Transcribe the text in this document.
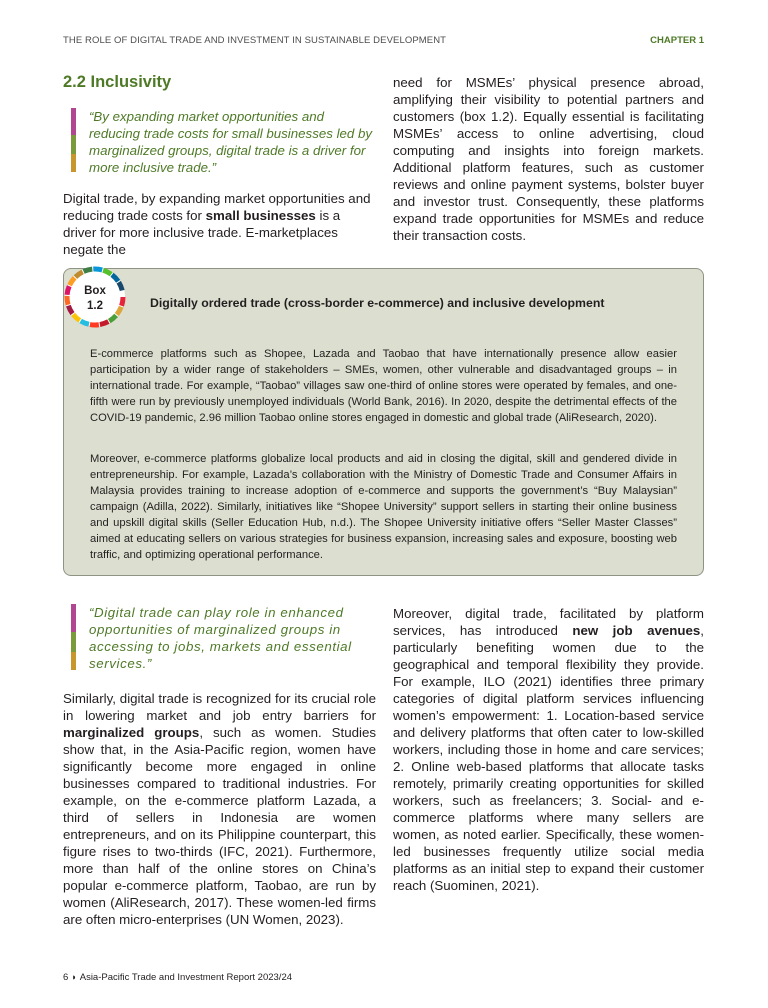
THE ROLE OF DIGITAL TRADE AND INVESTMENT IN SUSTAINABLE DEVELOPMENT	CHAPTER 1
2.2 Inclusivity

“By expanding market opportunities and reducing trade costs for small businesses led by marginalized groups, digital trade is a driver for more inclusive trade.”

Digital trade, by expanding market opportunities and reducing trade costs for small businesses is a driver for more inclusive trade. E-marketplaces negate the

need for MSMEs’ physical presence abroad, amplifying their visibility to potential partners and customers (box 1.2). Equally essential is facilitating MSMEs’ access to online advertising, cloud computing and insights into foreign markets. Additional platform features, such as customer reviews and online payment systems, bolster buyer and investor trust. Consequently, these platforms expand trade opportunities for MSMEs and reduce their transaction costs.

Box
1.2	Digitally ordered trade (cross-border e-commerce) and inclusive development

E-commerce platforms such as Shopee, Lazada and Taobao that have internationally presence allow easier participation by a wider range of stakeholders – SMEs, women, other vulnerable and disadvantaged groups – in international trade. For example, “Taobao” villages saw one-third of online stores were operated by females, and one-fifth were run by previously unemployed individuals (World Bank, 2016). In 2020, despite the detrimental effects of the COVID-19 pandemic, 2.96 million Taobao online stores engaged in domestic and global trade (AliResearch, 2020).

Moreover, e-commerce platforms globalize local products and aid in closing the digital, skill and gendered divide in entrepreneurship. For example, Lazada’s collaboration with the Ministry of Domestic Trade and Consumer Affairs in Malaysia provides training to increase adoption of e-commerce and supports the government’s “Buy Malaysian” campaign (Adilla, 2022). Similarly, initiatives like “Shopee University” support sellers in starting their online business and upskill digital skills (Seller Education Hub, n.d.). The Shopee University initiative offers “Seller Master Classes” aimed at educating sellers on various strategies for business expansion, increasing sales and exposure, boosting web traffic, and optimizing operational performance.

“Digital trade can play role in enhanced opportunities of marginalized groups in accessing to jobs, markets and essential services.”

Similarly, digital trade is recognized for its crucial role in lowering market and job entry barriers for marginalized groups, such as women. Studies show that, in the Asia-Pacific region, women have significantly become more engaged in online businesses compared to traditional industries. For example, on the e-commerce platform Lazada, a third of sellers in Indonesia are women entrepreneurs, and on its Philippine counterpart, this figure rises to two-thirds (IFC, 2021). Furthermore, more than half of the online stores on China’s popular e-commerce platform, Taobao, are run by women (AliResearch, 2017). These women-led firms are often micro-enterprises (UN Women, 2023).

Moreover, digital trade, facilitated by platform services, has introduced new job avenues, particularly benefiting women due to the geographical and temporal flexibility they provide. For example, ILO (2021) identifies three primary categories of digital platform services influencing women’s empowerment: 1. Location-based service and delivery platforms that often cater to low-skilled workers, including those in home and care services; 2. Online web-based platforms that allocate tasks remotely, primarily creating opportunities for skilled workers, such as freelancers; 3. Social- and e-commerce platforms where many sellers are women, as noted earlier. Specifically, these women-led businesses frequently utilize social media platforms as an initial step to expand their customer reach (Suominen, 2021).

6 ◗ Asia-Pacific Trade and Investment Report 2023/24
